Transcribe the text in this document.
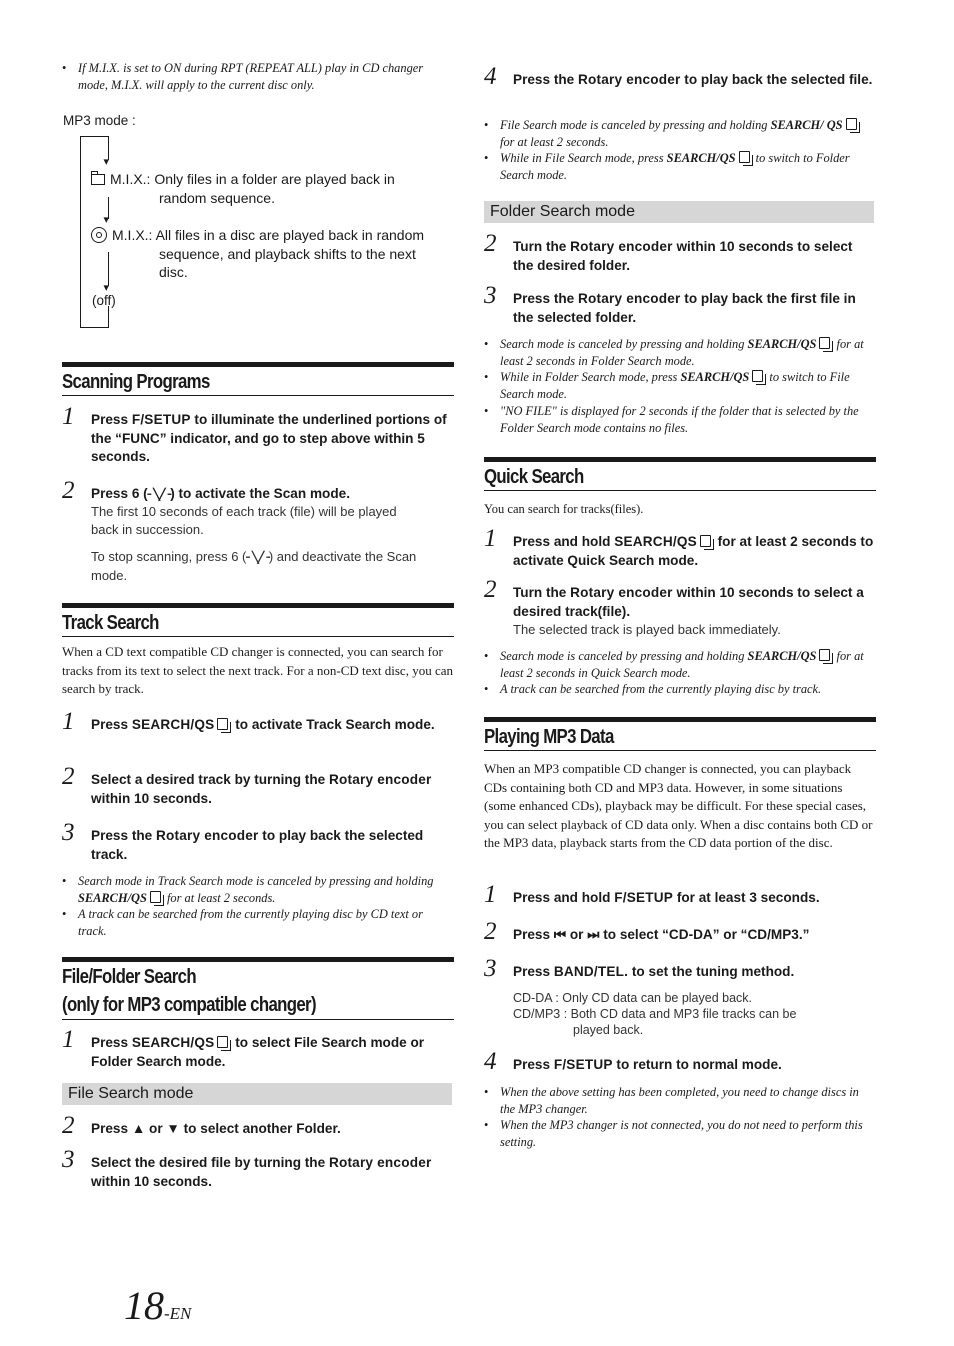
• If M.I.X. is set to ON during RPT (REPEAT ALL) play in CD changer mode, M.I.X. will apply to the current disc only.
MP3 mode :
▾
▾
▾
M.I.X.: Only files in a folder are played back in
random sequence.
M.I.X.: All files in a disc are played back in random
sequence, and playback shifts to the next
disc.
(off)
Scanning Programs
1 Press F/SETUP to illuminate the underlined portions of the “FUNC” indicator, and go to step above within 5 seconds.
2 Press 6 (╴╲╱╶) to activate the Scan mode.
The first 10 seconds of each track (file) will be played back in succession.
To stop scanning, press 6 (╴╲╱╶) and deactivate the Scan mode.
Track Search
When a CD text compatible CD changer is connected, you can search for tracks from its text to select the next track. For a non-CD text disc, you can search by track.
1 Press SEARCH/QS to activate Track Search mode.
2 Select a desired track by turning the Rotary encoder within 10 seconds.
3 Press the Rotary encoder to play back the selected track.
• Search mode in Track Search mode is canceled by pressing and holding SEARCH/QS for at least 2 seconds.
• A track can be searched from the currently playing disc by CD text or track.
File/Folder Search
(only for MP3 compatible changer)
1 Press SEARCH/QS to select File Search mode or Folder Search mode.
File Search mode
2 Press ▲ or ▼ to select another Folder.
3 Select the desired file by turning the Rotary encoder within 10 seconds.
18-EN
4 Press the Rotary encoder to play back the selected file.
• File Search mode is canceled by pressing and holding SEARCH/ QS for at least 2 seconds.
• While in File Search mode, press SEARCH/QS to switch to Folder Search mode.
Folder Search mode
2 Turn the Rotary encoder within 10 seconds to select the desired folder.
3 Press the Rotary encoder to play back the first file in the selected folder.
• Search mode is canceled by pressing and holding SEARCH/QS for at least 2 seconds in Folder Search mode.
• While in Folder Search mode, press SEARCH/QS to switch to File Search mode.
• "NO FILE" is displayed for 2 seconds if the folder that is selected by the Folder Search mode contains no files.
Quick Search
You can search for tracks(files).
1 Press and hold SEARCH/QS for at least 2 seconds to activate Quick Search mode.
2 Turn the Rotary encoder within 10 seconds to select a desired track(file).
The selected track is played back immediately.
• Search mode is canceled by pressing and holding SEARCH/QS for at least 2 seconds in Quick Search mode.
• A track can be searched from the currently playing disc by track.
Playing MP3 Data
When an MP3 compatible CD changer is connected, you can playback CDs containing both CD and MP3 data. However, in some situations (some enhanced CDs), playback may be difficult. For these special cases, you can select playback of CD data only. When a disc contains both CD or the MP3 data, playback starts from the CD data portion of the disc.
1 Press and hold F/SETUP for at least 3 seconds.
2 Press ⏮ or ⏭ to select “CD-DA” or “CD/MP3.”
3 Press BAND/TEL. to set the tuning method.
CD-DA : Only CD data can be played back.
CD/MP3 : Both CD data and MP3 file tracks can be
played back.
4 Press F/SETUP to return to normal mode.
• When the above setting has been completed, you need to change discs in the MP3 changer.
• When the MP3 changer is not connected, you do not need to perform this setting.
